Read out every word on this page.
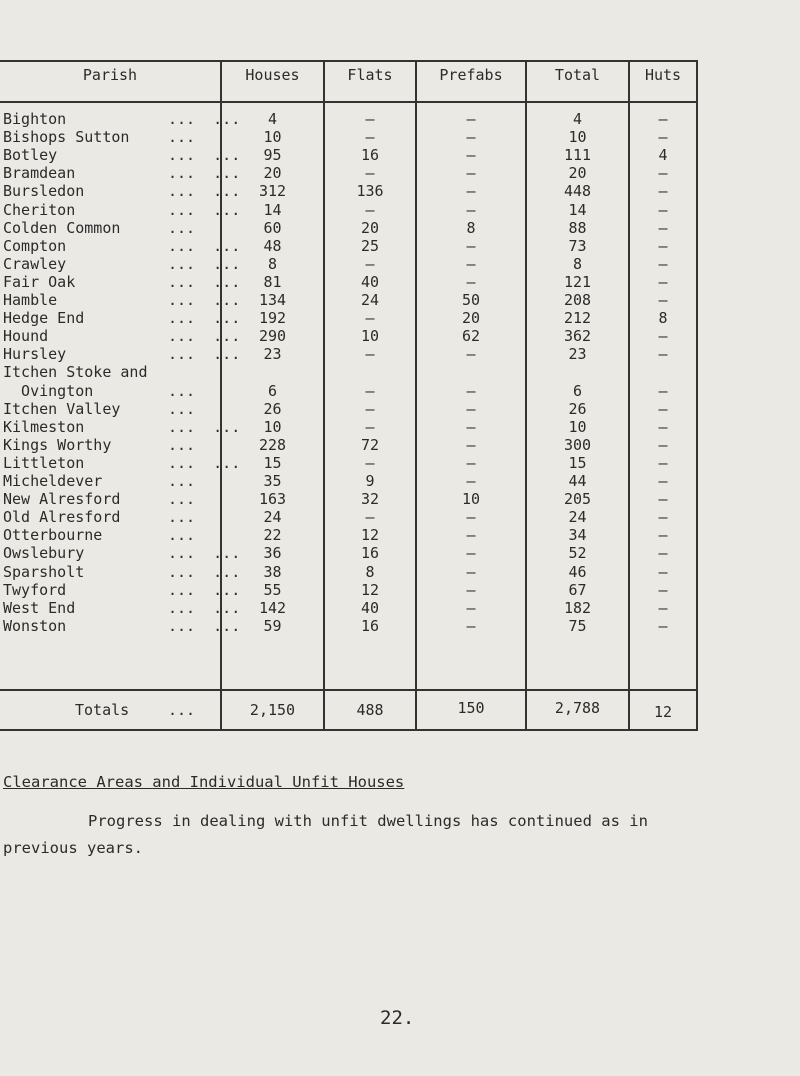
Parish	Houses	Flats	Prefabs	Total	Huts
Bighton	...  ...	4	–	–	4	–
Bishops Sutton	...	10	–	–	10	–
Botley	...  ...	95	16	–	111	4
Bramdean	...  ...	20	–	–	20	–
Bursledon	...  ...	312	136	–	448	–
Cheriton	...  ...	14	–	–	14	–
Colden Common	...	60	20	8	88	–
Compton	...  ...	48	25	–	73	–
Crawley	...  ...	8	–	–	8	–
Fair Oak	...  ...	81	40	–	121	–
Hamble	...  ...	134	24	50	208	–
Hedge End	...  ...	192	–	20	212	8
Hound	...  ...	290	10	62	362	–
Hursley	...  ...	23	–	–	23	–
Itchen Stoke and
Ovington	...	6	–	–	6	–
Itchen Valley	...	26	–	–	26	–
Kilmeston	...  ...	10	–	–	10	–
Kings Worthy	...	228	72	–	300	–
Littleton	...  ...	15	–	–	15	–
Micheldever	...	35	9	–	44	–
New Alresford	...	163	32	10	205	–
Old Alresford	...	24	–	–	24	–
Otterbourne	...	22	12	–	34	–
Owslebury	...  ...	36	16	–	52	–
Sparsholt	...  ...	38	8	–	46	–
Twyford	...  ...	55	12	–	67	–
West End	...  ...	142	40	–	182	–
Wonston	...  ...	59	16	–	75	–
Totals	...	2,150	488	150	2,788	12
Clearance Areas and Individual Unfit Houses
Progress in dealing with unfit dwellings has continued as in
previous years.
22.
